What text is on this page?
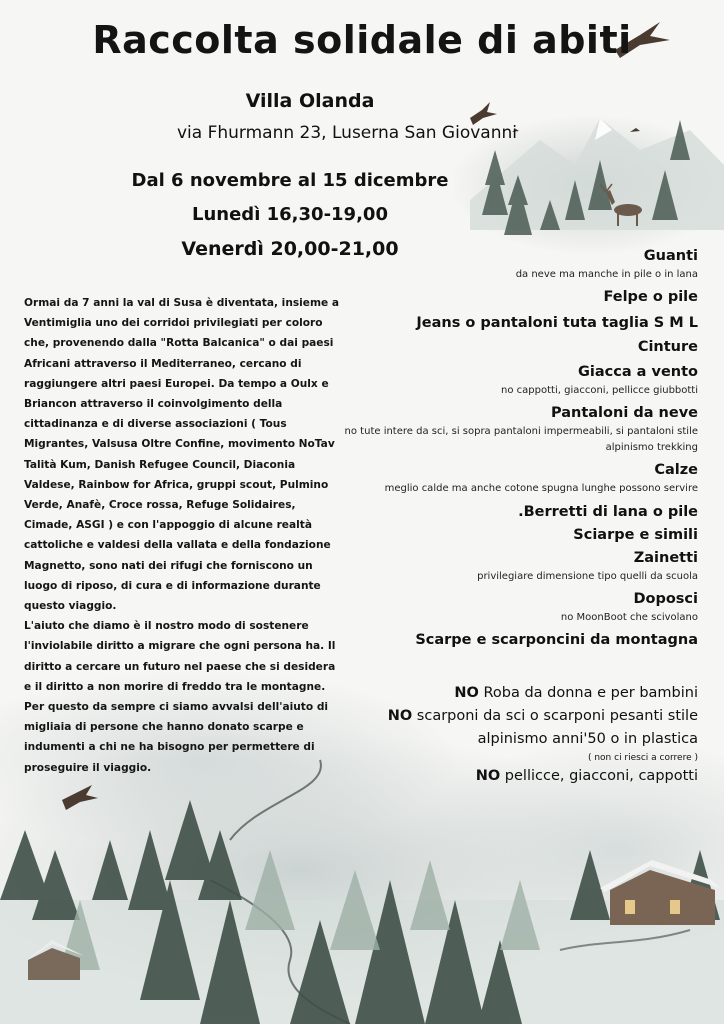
Raccolta solidale di abiti
Villa Olanda
via Fhurmann 23, Luserna San Giovanni
Dal 6 novembre al 15 dicembre
Lunedì 16,30-19,00
Venerdì 20,00-21,00

Ormai da 7 anni la val di Susa è diventata, insieme a Ventimiglia uno dei corridoi privilegiati per coloro che, provenendo dalla "Rotta Balcanica" o dai paesi Africani attraverso il Mediterraneo, cercano di raggiungere altri paesi Europei. Da tempo a Oulx e Briancon attraverso il coinvolgimento della cittadinanza e di diverse associazioni ( Tous Migrantes, Valsusa Oltre Confine, movimento NoTav Talità Kum, Danish Refugee Council, Diaconia Valdese, Rainbow for Africa, gruppi scout, Pulmino Verde, Anafè, Croce rossa, Refuge Solidaires, Cimade, ASGI ) e con l'appoggio di alcune realtà cattoliche e valdesi della vallata e della fondazione Magnetto, sono nati dei rifugi che forniscono un luogo di riposo, di cura e di informazione durante questo viaggio.

L'aiuto che diamo è il nostro modo di sostenere l'inviolabile diritto a migrare che ogni persona ha. Il diritto a cercare un futuro nel paese che si desidera e il diritto a non morire di freddo tra le montagne.

Per questo da sempre ci siamo avvalsi dell'aiuto di migliaia di persone che hanno donato scarpe e indumenti a chi ne ha bisogno per permettere di proseguire il viaggio.

Guanti
da neve ma manche in pile o in lana
Felpe o pile
Jeans o pantaloni tuta taglia S M L
Cinture
Giacca a vento
no cappotti, giacconi, pellicce giubbotti
Pantaloni da neve
no tute intere da sci, si sopra pantaloni impermeabili, si pantaloni stile alpinismo trekking
Calze
meglio calde ma anche cotone spugna lunghe possono servire
.Berretti di lana o pile
Sciarpe e simili
Zainetti
privilegiare dimensione tipo quelli da scuola
Doposci
no MoonBoot che scivolano
Scarpe e scarponcini da montagna
NO Roba da donna e per bambini
NO scarponi da sci o scarponi pesanti stile alpinismo anni'50 o in plastica
( non ci riesci a correre )
NO pellicce, giacconi, cappotti
